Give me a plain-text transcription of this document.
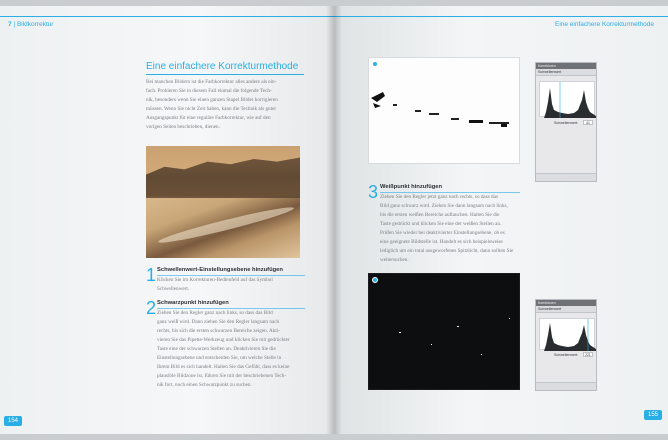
7 | Bildkorrektur
Eine einfachere Korrekturmethode
Bei manchen Bildern ist die Farbkorrektur alles andere als ein-
fach. Probieren Sie in diesem Fall einmal die folgende Tech-
nik, besonders wenn Sie einen ganzen Stapel Bilder korrigieren
müssen. Wenn Sie nicht Zeit haben, kann die Technik als guter
Ausgangspunkt für eine reguläre Farbkorrektur, wie auf den
vorigen Seiten beschrieben, dienen.
1 Schwellenwert-Einstellungsebene hinzufügen
Klicken Sie im Korrekturen-Bedienfeld auf das Symbol
Schwellenwert.
2 Schwarzpunkt hinzufügen
Ziehen Sie den Regler ganz nach links, so dass das Bild
ganz weiß wird. Dann ziehen Sie den Regler langsam nach
rechts, bis sich die ersten schwarzen Bereiche zeigen. Akti-
vieren Sie das Pipette-Werkzeug und klicken Sie mit gedrückter
Taste eine der schwarzen Stellen an. Deaktivieren Sie die
Einstellungsebene und entscheiden Sie, um welche Stelle in
Ihrem Bild es sich handelt. Halten Sie das Gefühl, dass es keine
plausible Bildzone ist, führen Sie mit der beschriebenen Tech-
nik fort, noch einen Schwarzpunkt zu suchen.
154
Eine einfachere Korrekturmethode
Korrekturen
Schwellenwert
Schwellenwert:	41
3 Weißpunkt hinzufügen
Ziehen Sie den Regler jetzt ganz nach rechts, so dass das
Bild ganz schwarz wird. Ziehen Sie dann langsam nach links,
bis die ersten weißen Bereiche auftauchen. Halten Sie die
Taste gedrückt und klicken Sie eine der weißen Stellen an.
Prüfen Sie wieder bei deaktivierter Einstellungsebene, ob es
eine geeignete Bildstelle ist. Handelt es sich beispielsweise
lediglich um ein total ausgeworfenes Spitzlicht, dann sollten Sie
weitersuchen.
Korrekturen
Schwellenwert
Schwellenwert:	221
155
